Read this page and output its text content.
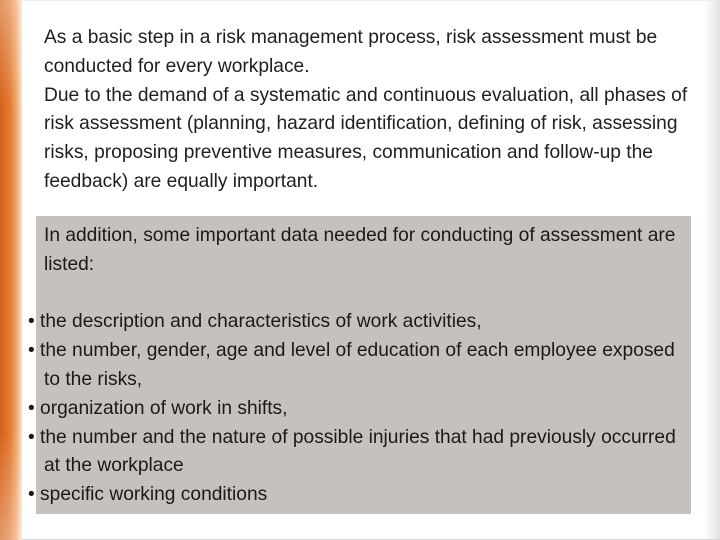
As a basic step in a risk management process, risk assessment must be conducted for every workplace.

Due to the demand of a systematic and continuous evaluation, all phases of risk assessment (planning, hazard identification, defining of risk, assessing risks, proposing preventive measures, communication and follow-up the feedback) are equally important.

In addition, some important data needed for conducting of assessment are listed:

• the description and characteristics of work activities,

• the number, gender, age and level of education of each employee exposed to the risks,

• organization of work in shifts,

• the number and the nature of possible injuries that had previously occurred at the workplace

• specific working conditions
